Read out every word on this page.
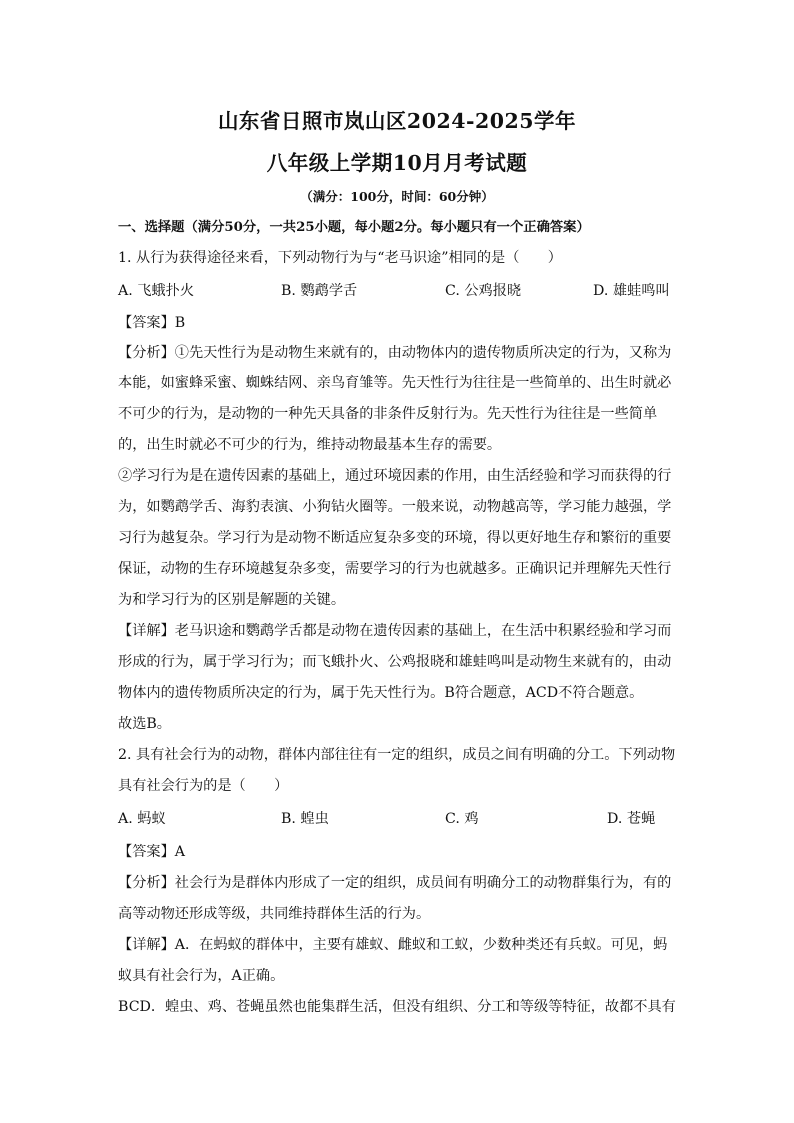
山东省日照市岚山区2024-2025学年
八年级上学期10月月考试题
（满分：100分，时间：60分钟）
一、选择题（满分50分，一共25小题，每小题2分。每小题只有一个正确答案）
1. 从行为获得途径来看，下列动物行为与“老马识途”相同的是（　　）
A. 飞蛾扑火	B. 鹦鹉学舌	C. 公鸡报晓	D. 雄蛙鸣叫
【答案】B
【分析】①先天性行为是动物生来就有的，由动物体内的遗传物质所决定的行为，又称为
本能，如蜜蜂采蜜、蜘蛛结网、亲鸟育雏等。先天性行为往往是一些简单的、出生时就必
不可少的行为，是动物的一种先天具备的非条件反射行为。先天性行为往往是一些简单
的，出生时就必不可少的行为，维持动物最基本生存的需要。
②学习行为是在遗传因素的基础上，通过环境因素的作用，由生活经验和学习而获得的行
为，如鹦鹉学舌、海豹表演、小狗钻火圈等。一般来说，动物越高等，学习能力越强，学
习行为越复杂。学习行为是动物不断适应复杂多变的环境，得以更好地生存和繁衍的重要
保证，动物的生存环境越复杂多变，需要学习的行为也就越多。正确识记并理解先天性行
为和学习行为的区别是解题的关键。
【详解】老马识途和鹦鹉学舌都是动物在遗传因素的基础上，在生活中积累经验和学习而
形成的行为，属于学习行为；而飞蛾扑火、公鸡报晓和雄蛙鸣叫是动物生来就有的，由动
物体内的遗传物质所决定的行为，属于先天性行为。B符合题意，ACD不符合题意。
故选B。
2. 具有社会行为的动物，群体内部往往有一定的组织，成员之间有明确的分工。下列动物
具有社会行为的是（　　）
A. 蚂蚁	B. 蝗虫	C. 鸡	D. 苍蝇
【答案】A
【分析】社会行为是群体内形成了一定的组织，成员间有明确分工的动物群集行为，有的
高等动物还形成等级，共同维持群体生活的行为。
【详解】A．在蚂蚁的群体中，主要有雄蚁、雌蚁和工蚁，少数种类还有兵蚁。可见，蚂
蚁具有社会行为，A正确。
BCD．蝗虫、鸡、苍蝇虽然也能集群生活，但没有组织、分工和等级等特征，故都不具有
